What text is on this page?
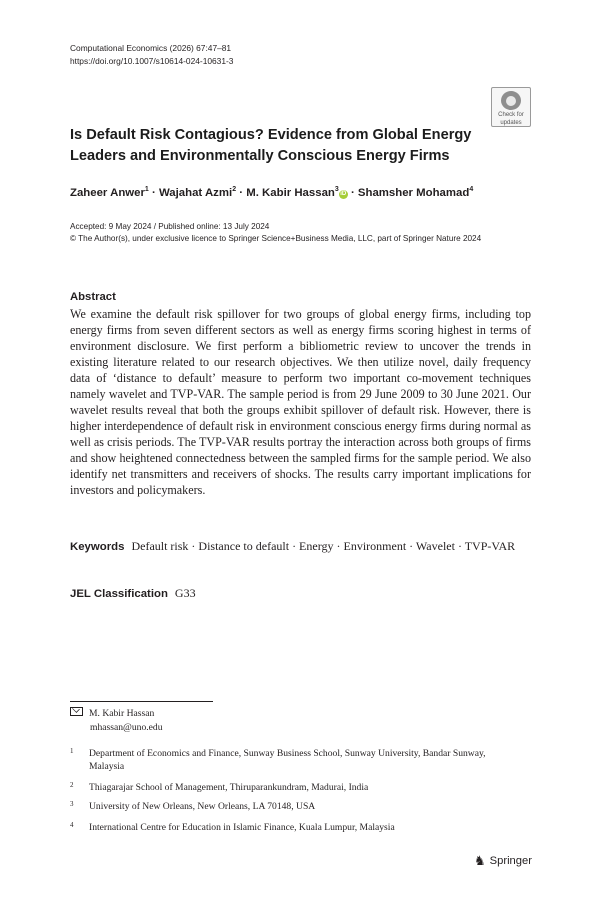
Computational Economics (2026) 67:47–81
https://doi.org/10.1007/s10614-024-10631-3
Check for
updates
Is Default Risk Contagious? Evidence from Global Energy Leaders and Environmentally Conscious Energy Firms
Zaheer Anwer$^1$ · Wajahat Azmi$^2$ · M. Kabir Hassan$^3$iD · Shamsher Mohamad$^4$
Accepted: 9 May 2024 / Published online: 13 July 2024
© The Author(s), under exclusive licence to Springer Science+Business Media, LLC, part of Springer Nature 2024
Abstract
We examine the default risk spillover for two groups of global energy firms, including top energy firms from seven different sectors as well as energy firms scoring highest in terms of environment disclosure. We first perform a bibliometric review to uncover the trends in existing literature related to our research objectives. We then utilize novel, daily frequency data of ‘distance to default’ measure to perform two important co-movement techniques namely wavelet and TVP-VAR. The sample period is from 29 June 2009 to 30 June 2021. Our wavelet results reveal that both the groups exhibit spillover of default risk. However, there is higher interdependence of default risk in environment conscious energy firms during normal as well as crisis periods. The TVP-VAR results portray the interaction across both groups of firms and show heightened connectedness between the sampled firms for the sample period. We also identify net transmitters and receivers of shocks. The results carry important implications for investors and policymakers.
Keywords Default risk · Distance to default · Energy · Environment · Wavelet · TVP-VAR
JEL Classification G33
M. Kabir Hassan
mhassan@uno.edu
1 Department of Economics and Finance, Sunway Business School, Sunway University, Bandar Sunway, Malaysia
2 Thiagarajar School of Management, Thiruparankundram, Madurai, India
3 University of New Orleans, New Orleans, LA 70148, USA
4 International Centre for Education in Islamic Finance, Kuala Lumpur, Malaysia
♞ Springer
